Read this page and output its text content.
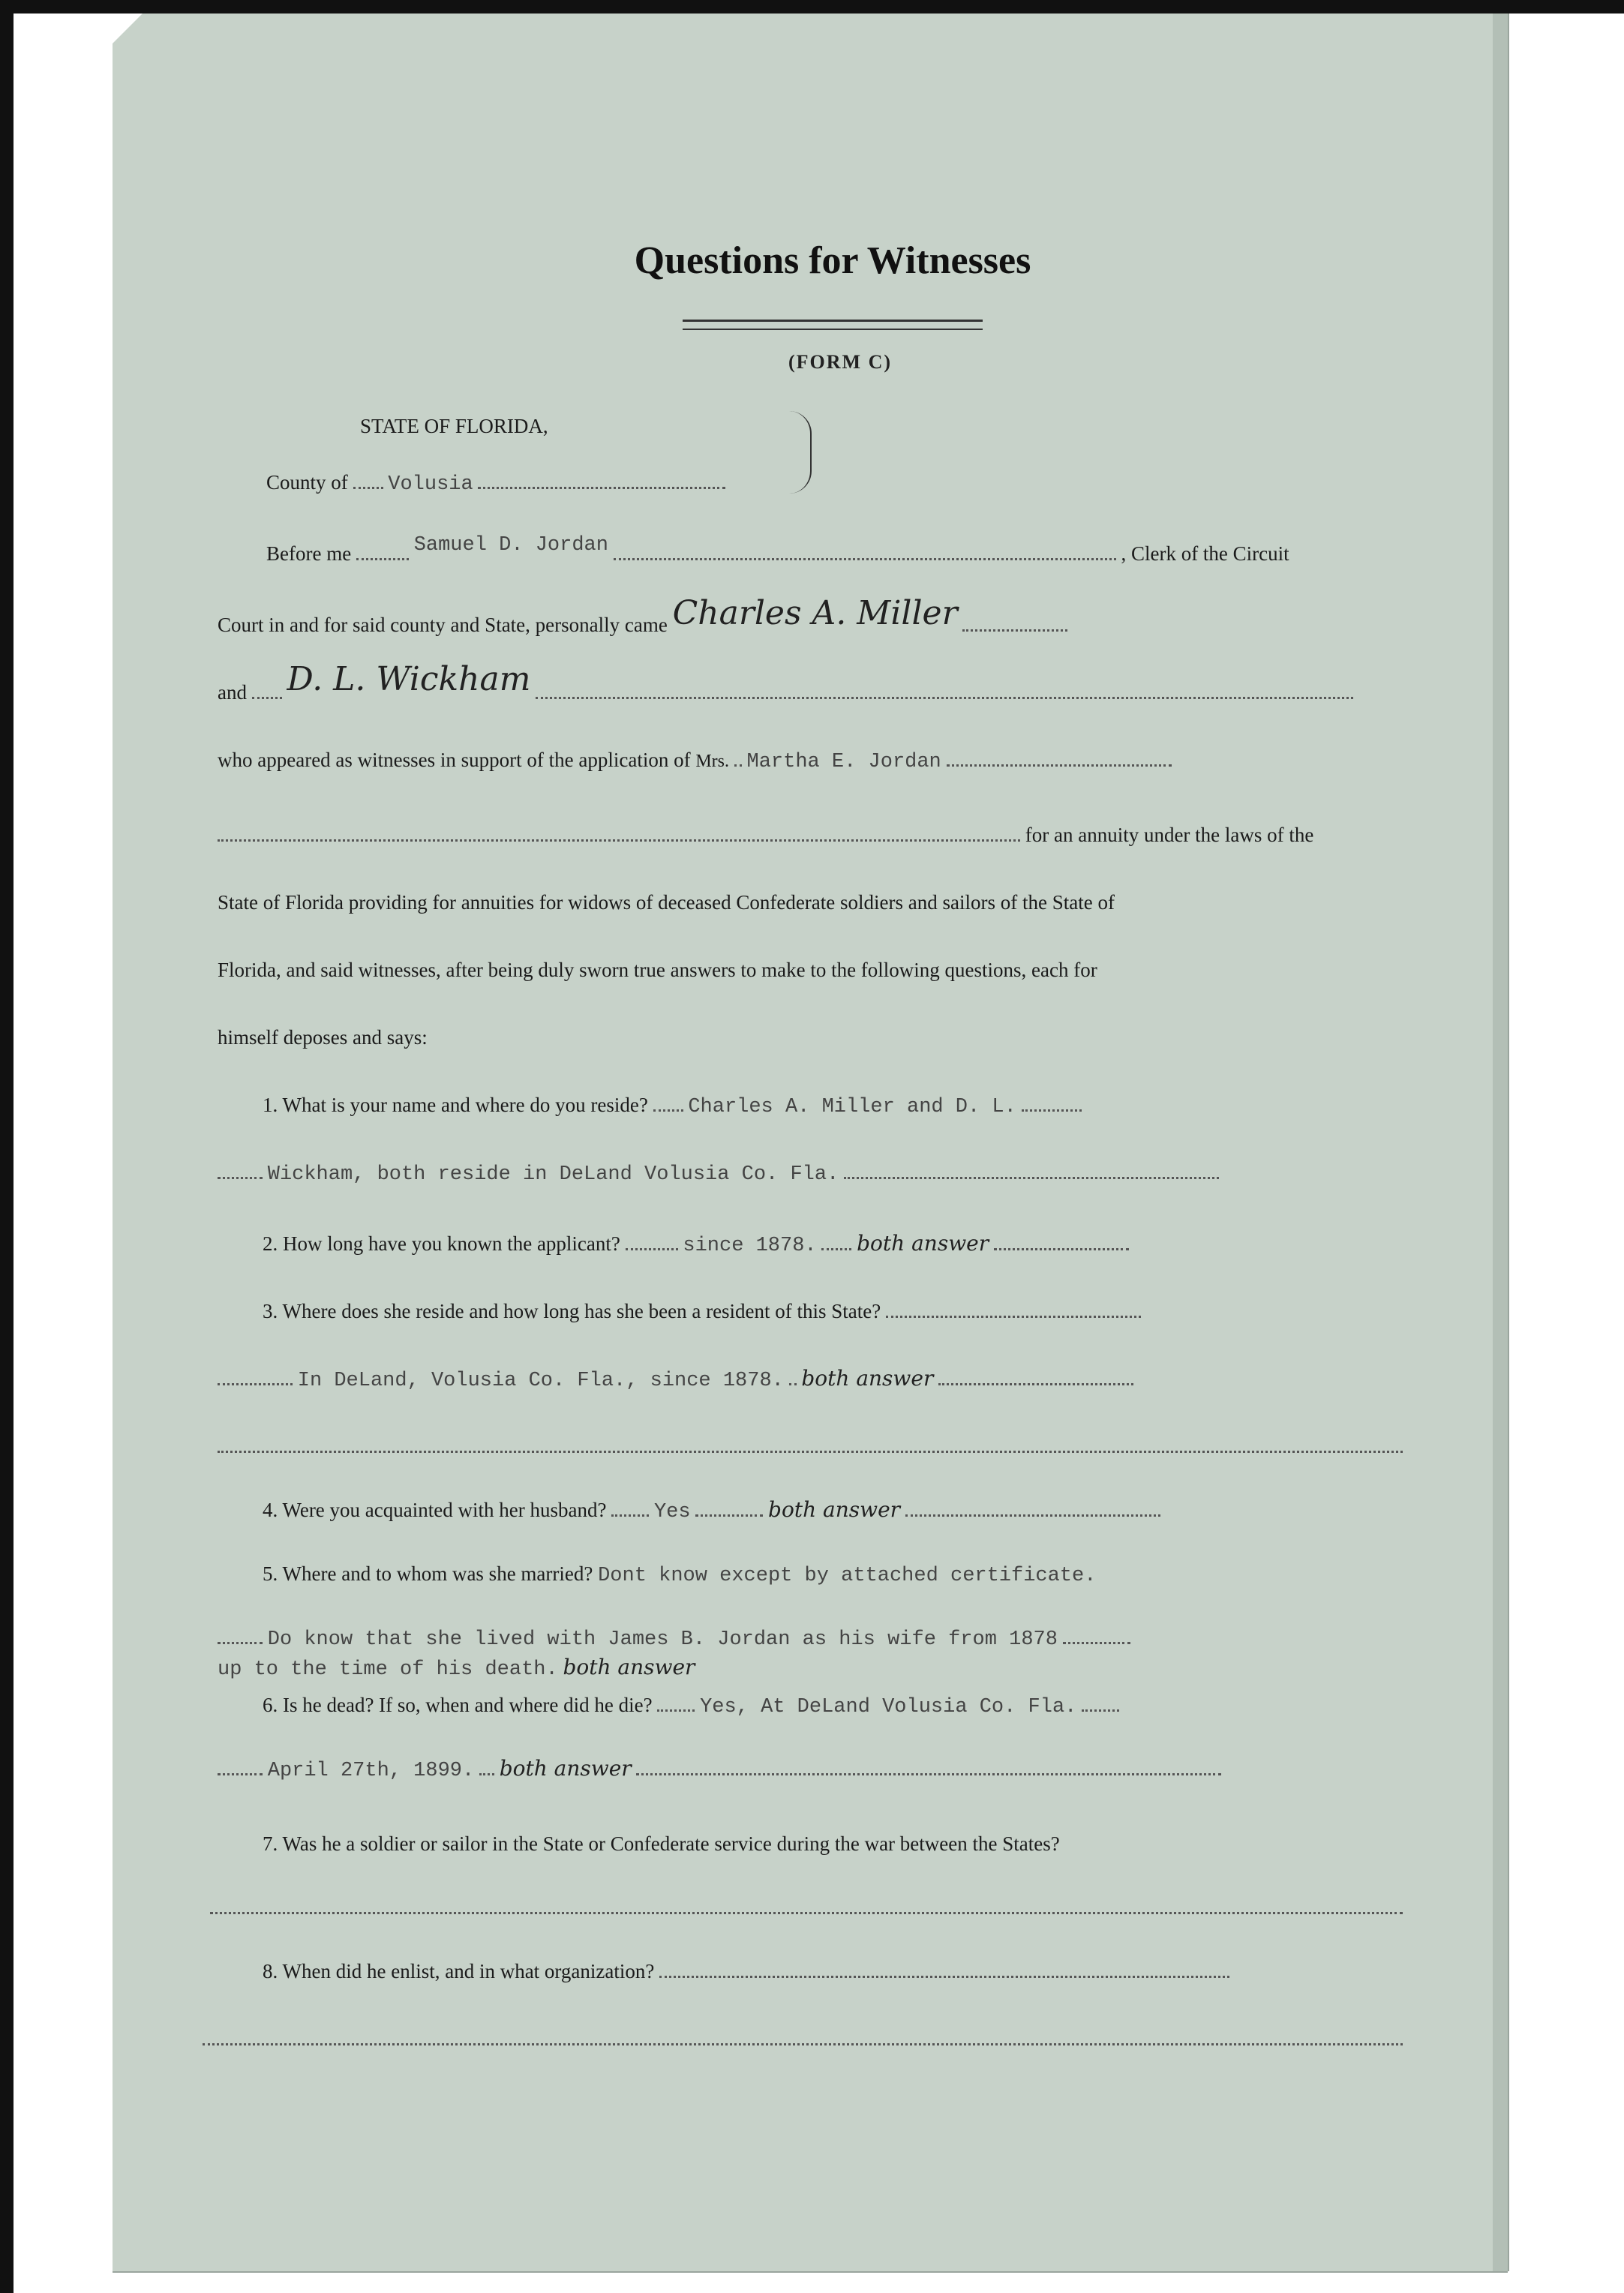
Questions for Witnesses
(FORM C)
STATE OF FLORIDA,
County of Volusia
Before me	Samuel D. Jordan	, Clerk of the Circuit
Court in and for said county and State, personally came Charles A. Miller
and D. L. Wickham
who appeared as witnesses in support of the application of Mrs. Martha E. Jordan
for an annuity under the laws of the
State of Florida providing for annuities for widows of deceased Confederate soldiers and sailors of the State of
Florida, and said witnesses, after being duly sworn true answers to make to the following questions, each for
himself deposes and says:
1. What is your name and where do you reside? Charles A. Miller and D. L.
Wickham, both reside in DeLand Volusia Co. Fla.
2. How long have you known the applicant?	since 1878. both answer
3. Where does she reside and how long has she been a resident of this State?
In DeLand, Volusia Co. Fla., since 1878. both answer
4. Were you acquainted with her husband? Yes	both answer
5. Where and to whom was she married? Dont know except by attached certificate.
Do know that she lived with James B. Jordan as his wife from 1878
up to the time of his death. both answer
6. Is he dead? If so, when and where did he die? Yes, At DeLand Volusia Co. Fla.
April 27th, 1899. both answer
7. Was he a soldier or sailor in the State or Confederate service during the war between the States?
8. When did he enlist, and in what organization?
